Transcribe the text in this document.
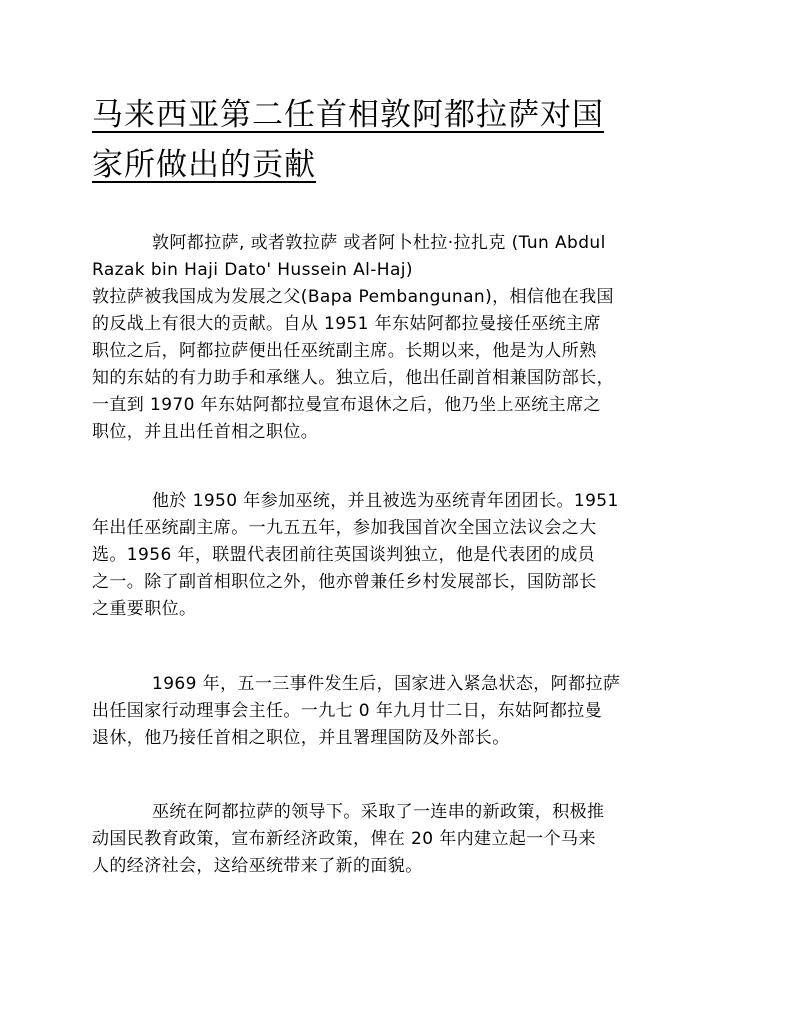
马来西亚第二任首相敦阿都拉萨对国
家所做出的贡献
敦阿都拉萨, 或者敦拉萨 或者阿卜杜拉·拉扎克 (Tun Abdul
Razak bin Haji Dato' Hussein Al-Haj)
敦拉萨被我国成为发展之父(Bapa Pembangunan)，相信他在我国
的反战上有很大的贡献。自从 1951 年东姑阿都拉曼接任巫统主席
职位之后，阿都拉萨便出任巫统副主席。长期以来，他是为人所熟
知的东姑的有力助手和承继人。独立后，他出任副首相兼国防部长，
一直到 1970 年东姑阿都拉曼宣布退休之后，他乃坐上巫统主席之
职位，并且出任首相之职位。
他於 1950 年参加巫统，并且被选为巫统青年团团长。1951
年出任巫统副主席。一九五五年，参加我国首次全国立法议会之大
选。1956 年，联盟代表团前往英国谈判独立，他是代表团的成员
之一。除了副首相职位之外，他亦曾兼任乡村发展部长，国防部长
之重要职位。
1969 年，五一三事件发生后，国家进入紧急状态，阿都拉萨
出任国家行动理事会主任。一九七 0 年九月廿二日，东姑阿都拉曼
退休，他乃接任首相之职位，并且署理国防及外部长。
巫统在阿都拉萨的领导下。采取了一连串的新政策，积极推
动国民教育政策，宣布新经济政策，俾在 20 年内建立起一个马来
人的经济社会，这给巫统带来了新的面貌。
